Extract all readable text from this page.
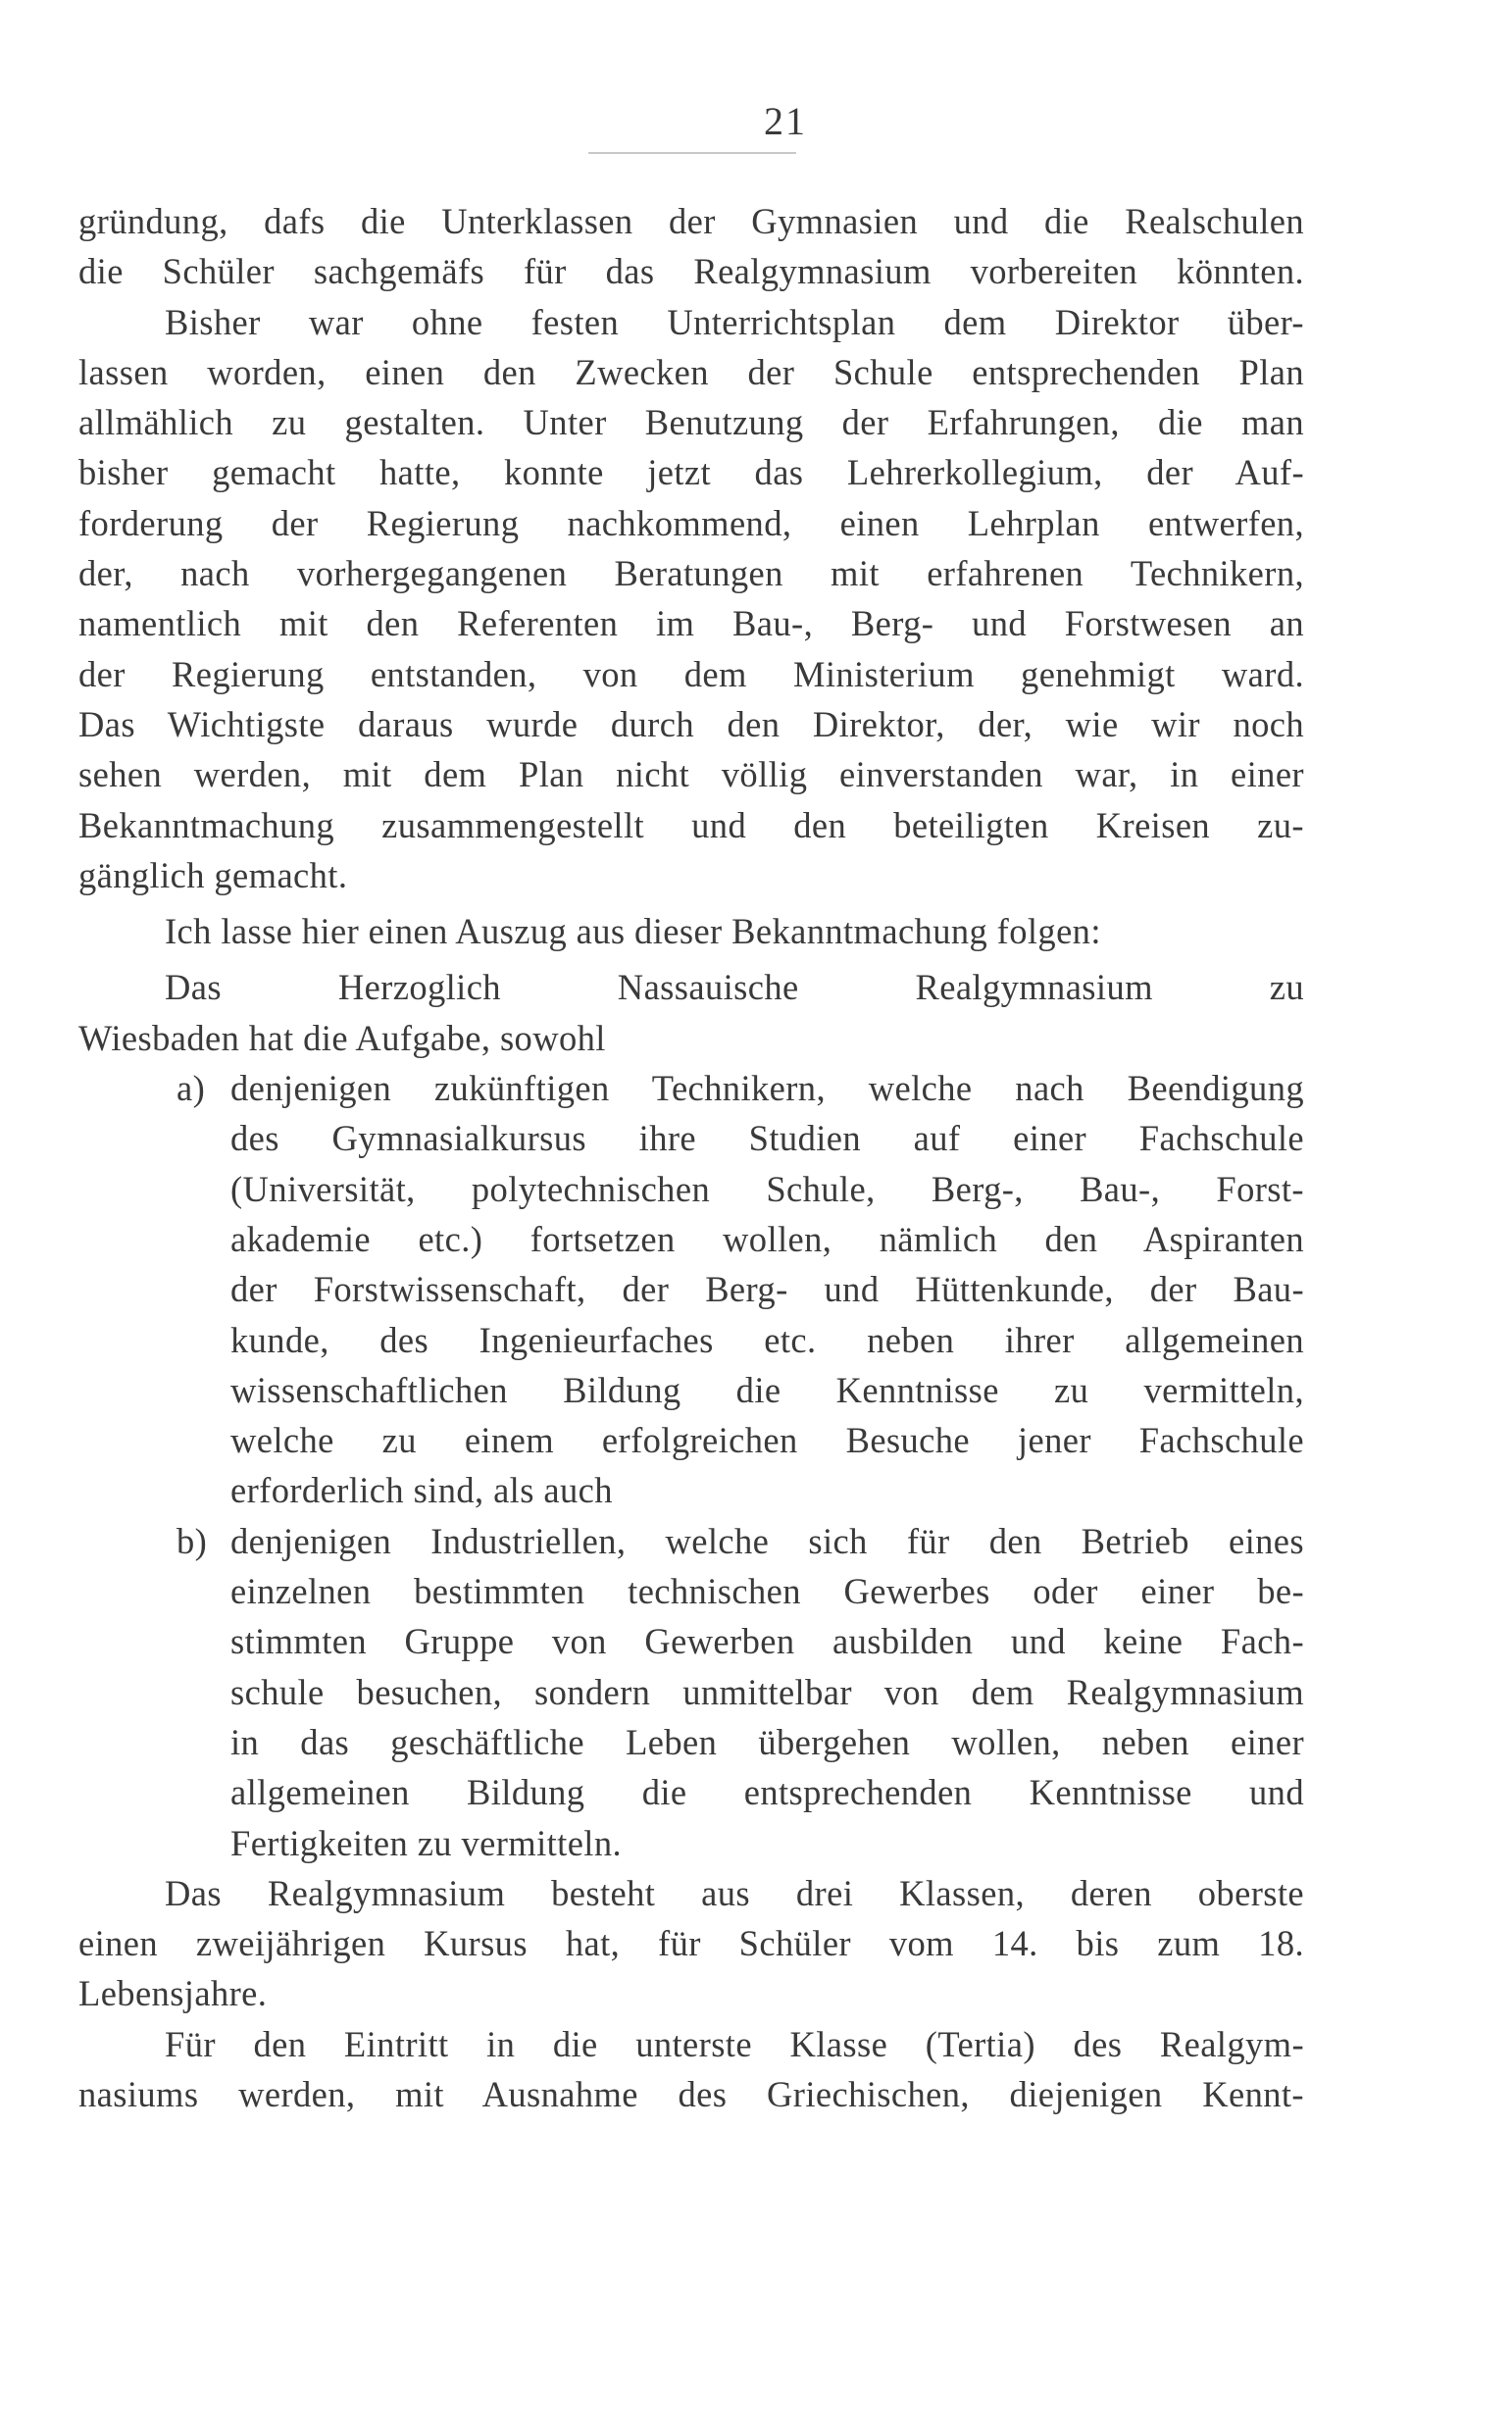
21
gründung, dafs die Unterklassen der Gymnasien und die Realschulen
die Schüler sachgemäfs für das Realgymnasium vorbereiten könnten.
Bisher war ohne festen Unterrichtsplan dem Direktor über-
lassen worden, einen den Zwecken der Schule entsprechenden Plan
allmählich zu gestalten. Unter Benutzung der Erfahrungen, die man
bisher gemacht hatte, konnte jetzt das Lehrerkollegium, der Auf-
forderung der Regierung nachkommend, einen Lehrplan entwerfen,
der, nach vorhergegangenen Beratungen mit erfahrenen Technikern,
namentlich mit den Referenten im Bau-, Berg- und Forstwesen an
der Regierung entstanden, von dem Ministerium genehmigt ward.
Das Wichtigste daraus wurde durch den Direktor, der, wie wir noch
sehen werden, mit dem Plan nicht völlig einverstanden war, in einer
Bekanntmachung zusammengestellt und den beteiligten Kreisen zu-
gänglich gemacht.
Ich lasse hier einen Auszug aus dieser Bekanntmachung folgen:
Das Herzoglich Nassauische Realgymnasium zu
Wiesbaden hat die Aufgabe, sowohl
a) denjenigen zukünftigen Technikern, welche nach Beendigung
des Gymnasialkursus ihre Studien auf einer Fachschule
(Universität, polytechnischen Schule, Berg-, Bau-, Forst-
akademie etc.) fortsetzen wollen, nämlich den Aspiranten
der Forstwissenschaft, der Berg- und Hüttenkunde, der Bau-
kunde, des Ingenieurfaches etc. neben ihrer allgemeinen
wissenschaftlichen Bildung die Kenntnisse zu vermitteln,
welche zu einem erfolgreichen Besuche jener Fachschule
erforderlich sind, als auch
b) denjenigen Industriellen, welche sich für den Betrieb eines
einzelnen bestimmten technischen Gewerbes oder einer be-
stimmten Gruppe von Gewerben ausbilden und keine Fach-
schule besuchen, sondern unmittelbar von dem Realgymnasium
in das geschäftliche Leben übergehen wollen, neben einer
allgemeinen Bildung die entsprechenden Kenntnisse und
Fertigkeiten zu vermitteln.
Das Realgymnasium besteht aus drei Klassen, deren oberste
einen zweijährigen Kursus hat, für Schüler vom 14. bis zum 18.
Lebensjahre.
Für den Eintritt in die unterste Klasse (Tertia) des Realgym-
nasiums werden, mit Ausnahme des Griechischen, diejenigen Kennt-
